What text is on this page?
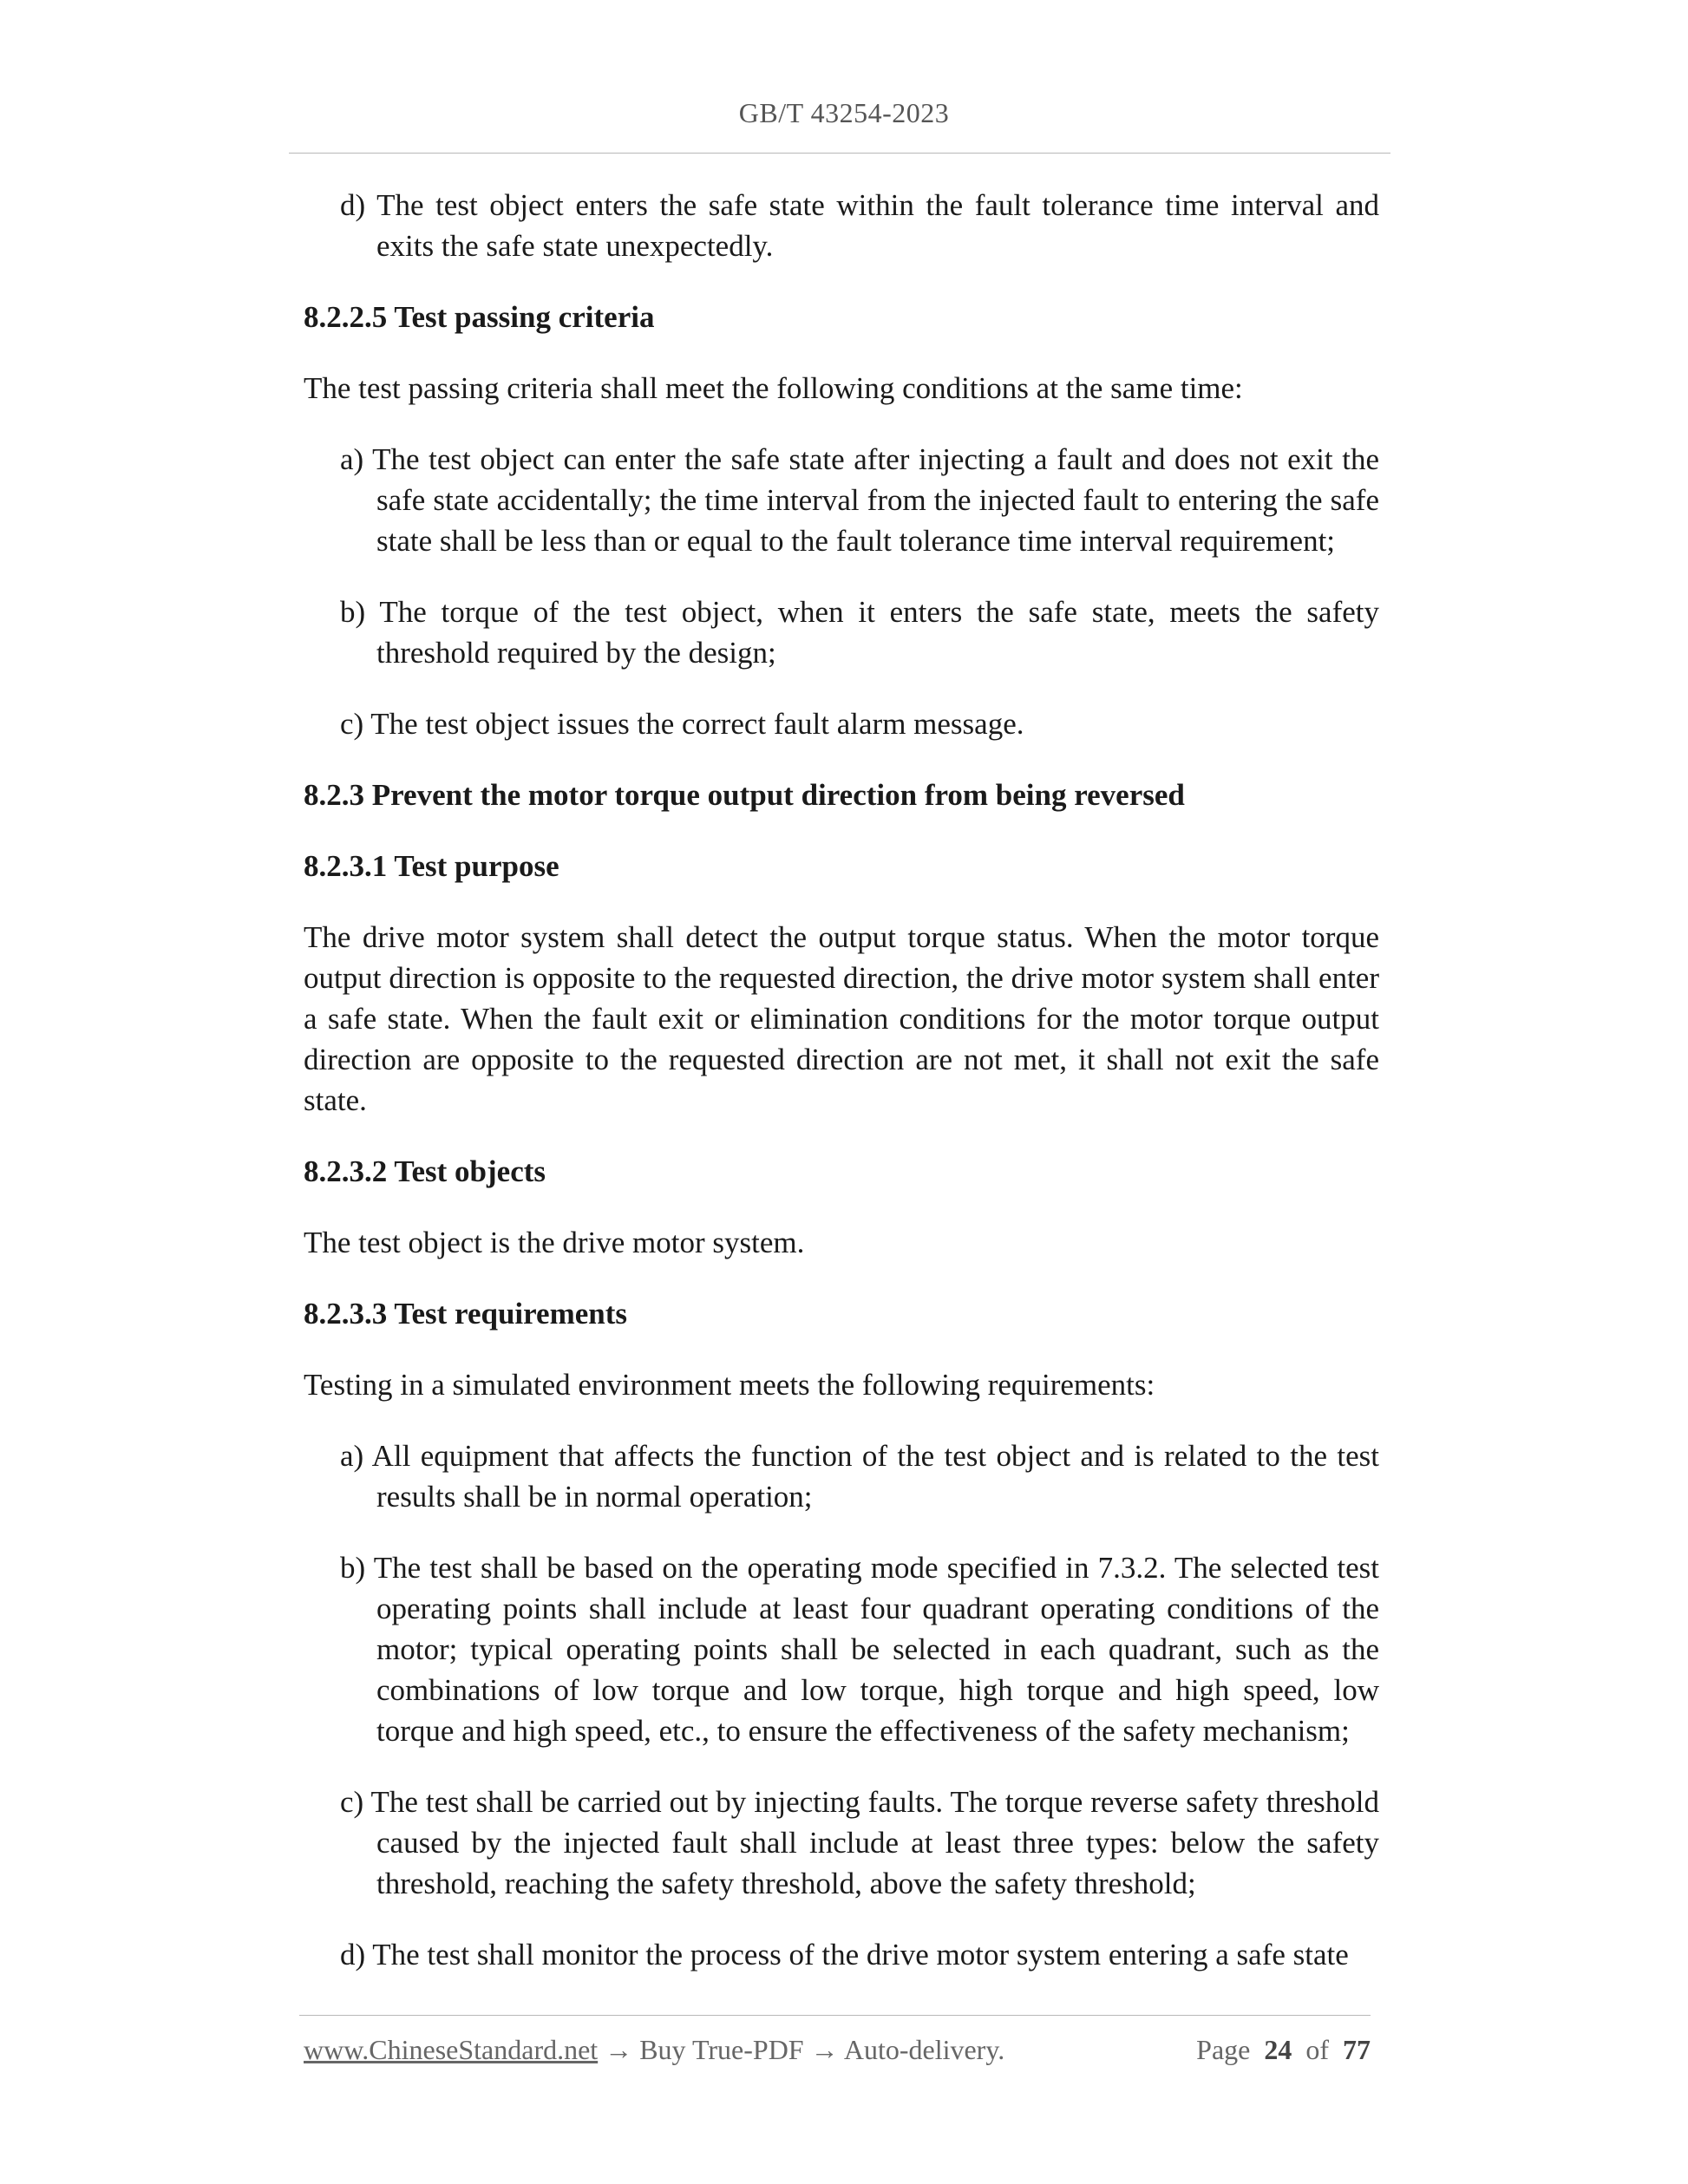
GB/T 43254-2023

d) The test object enters the safe state within the fault tolerance time interval and exits the safe state unexpectedly.

8.2.2.5 Test passing criteria

The test passing criteria shall meet the following conditions at the same time:

a) The test object can enter the safe state after injecting a fault and does not exit the safe state accidentally; the time interval from the injected fault to entering the safe state shall be less than or equal to the fault tolerance time interval requirement;

b) The torque of the test object, when it enters the safe state, meets the safety threshold required by the design;

c) The test object issues the correct fault alarm message.

8.2.3 Prevent the motor torque output direction from being reversed

8.2.3.1 Test purpose

The drive motor system shall detect the output torque status. When the motor torque output direction is opposite to the requested direction, the drive motor system shall enter a safe state. When the fault exit or elimination conditions for the motor torque output direction are opposite to the requested direction are not met, it shall not exit the safe state.

8.2.3.2 Test objects

The test object is the drive motor system.

8.2.3.3 Test requirements

Testing in a simulated environment meets the following requirements:

a) All equipment that affects the function of the test object and is related to the test results shall be in normal operation;

b) The test shall be based on the operating mode specified in 7.3.2. The selected test operating points shall include at least four quadrant operating conditions of the motor; typical operating points shall be selected in each quadrant, such as the combinations of low torque and low torque, high torque and high speed, low torque and high speed, etc., to ensure the effectiveness of the safety mechanism;

c) The test shall be carried out by injecting faults. The torque reverse safety threshold caused by the injected fault shall include at least three types: below the safety threshold, reaching the safety threshold, above the safety threshold;

d) The test shall monitor the process of the drive motor system entering a safe state

www.ChineseStandard.net → Buy True-PDF → Auto-delivery.	Page 24 of 77
